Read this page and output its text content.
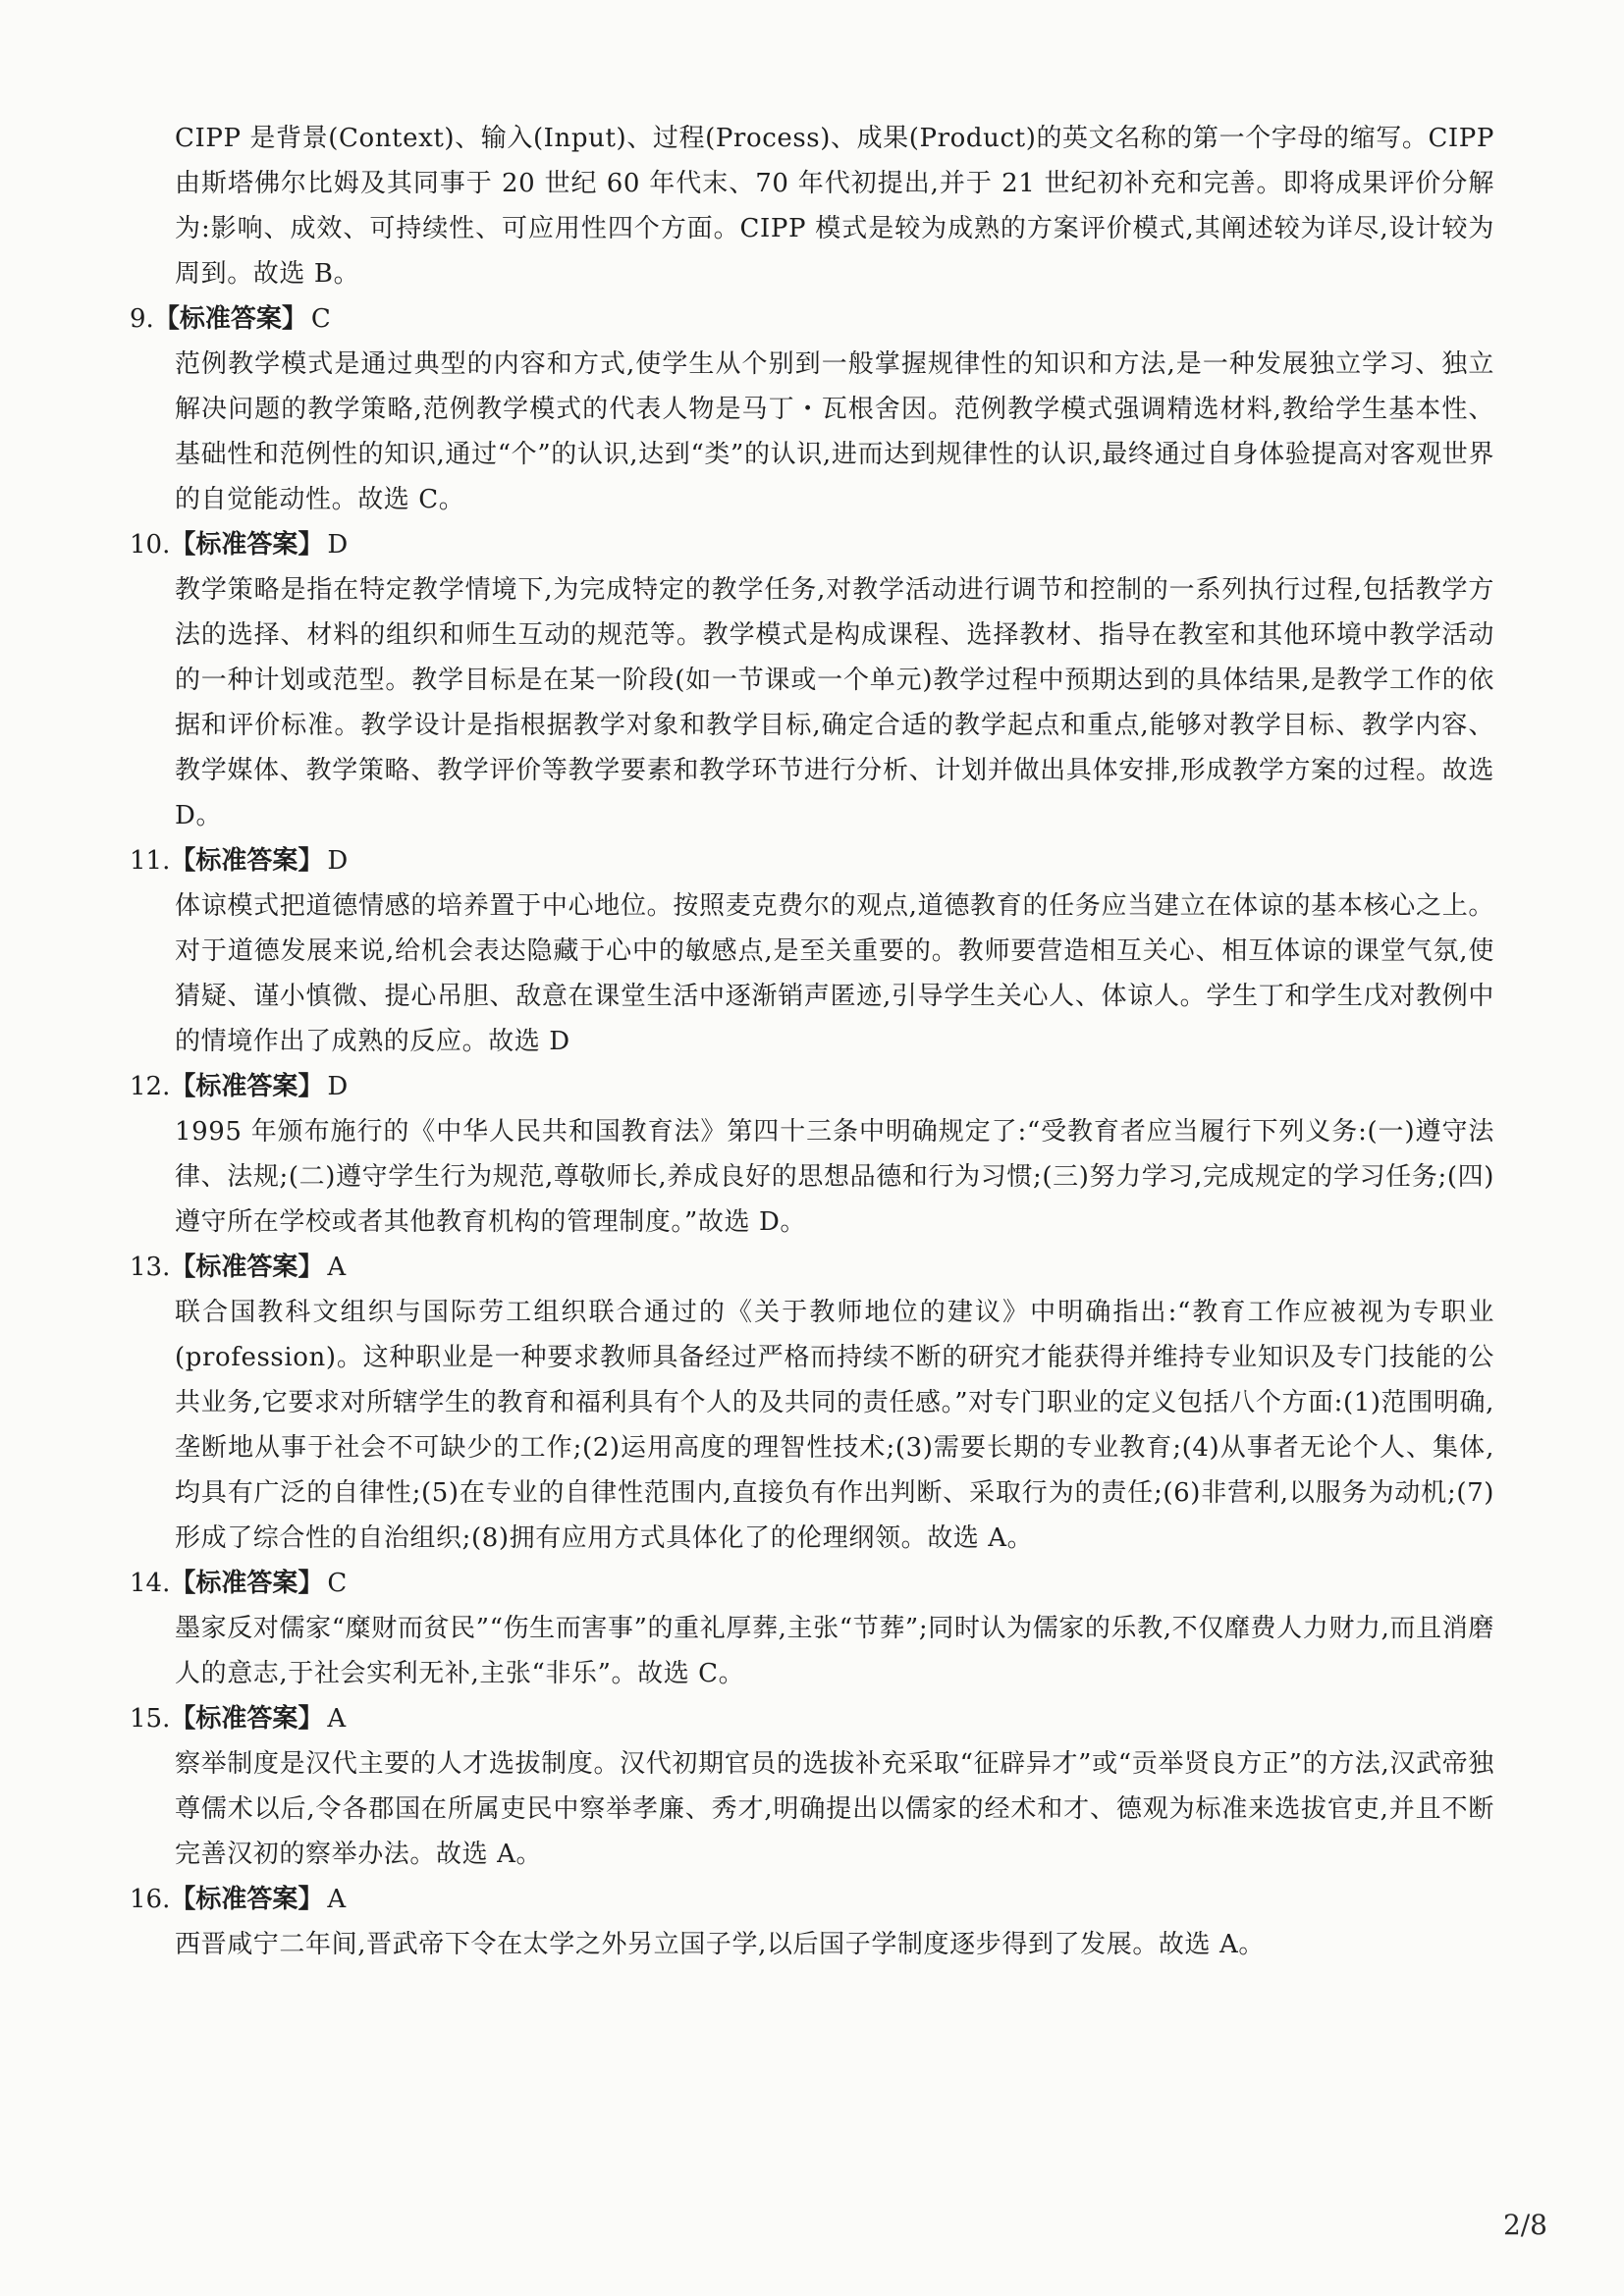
CIPP 是背景(Context)、输入(Input)、过程(Process)、成果(Product)的英文名称的第一个字母的缩写。CIPP 由斯塔佛尔比姆及其同事于 20 世纪 60 年代末、70 年代初提出,并于 21 世纪初补充和完善。即将成果评价分解为:影响、成效、可持续性、可应用性四个方面。CIPP 模式是较为成熟的方案评价模式,其阐述较为详尽,设计较为周到。故选 B。

9.【标准答案】 C

范例教学模式是通过典型的内容和方式,使学生从个别到一般掌握规律性的知识和方法,是一种发展独立学习、独立解决问题的教学策略,范例教学模式的代表人物是马丁・瓦根舍因。范例教学模式强调精选材料,教给学生基本性、基础性和范例性的知识,通过“个”的认识,达到“类”的认识,进而达到规律性的认识,最终通过自身体验提高对客观世界的自觉能动性。故选 C。

10.【标准答案】 D

教学策略是指在特定教学情境下,为完成特定的教学任务,对教学活动进行调节和控制的一系列执行过程,包括教学方法的选择、材料的组织和师生互动的规范等。教学模式是构成课程、选择教材、指导在教室和其他环境中教学活动的一种计划或范型。教学目标是在某一阶段(如一节课或一个单元)教学过程中预期达到的具体结果,是教学工作的依据和评价标准。教学设计是指根据教学对象和教学目标,确定合适的教学起点和重点,能够对教学目标、教学内容、教学媒体、教学策略、教学评价等教学要素和教学环节进行分析、计划并做出具体安排,形成教学方案的过程。故选 D。

11.【标准答案】 D

体谅模式把道德情感的培养置于中心地位。按照麦克费尔的观点,道德教育的任务应当建立在体谅的基本核心之上。对于道德发展来说,给机会表达隐藏于心中的敏感点,是至关重要的。教师要营造相互关心、相互体谅的课堂气氛,使猜疑、谨小慎微、提心吊胆、敌意在课堂生活中逐渐销声匿迹,引导学生关心人、体谅人。学生丁和学生戊对教例中的情境作出了成熟的反应。故选 D

12.【标准答案】 D

1995 年颁布施行的《中华人民共和国教育法》第四十三条中明确规定了:“受教育者应当履行下列义务:(一)遵守法律、法规;(二)遵守学生行为规范,尊敬师长,养成良好的思想品德和行为习惯;(三)努力学习,完成规定的学习任务;(四)遵守所在学校或者其他教育机构的管理制度。”故选 D。

13.【标准答案】 A

联合国教科文组织与国际劳工组织联合通过的《关于教师地位的建议》中明确指出:“教育工作应被视为专职业(profession)。这种职业是一种要求教师具备经过严格而持续不断的研究才能获得并维持专业知识及专门技能的公共业务,它要求对所辖学生的教育和福利具有个人的及共同的责任感。”对专门职业的定义包括八个方面:(1)范围明确,垄断地从事于社会不可缺少的工作;(2)运用高度的理智性技术;(3)需要长期的专业教育;(4)从事者无论个人、集体,均具有广泛的自律性;(5)在专业的自律性范围内,直接负有作出判断、采取行为的责任;(6)非营利,以服务为动机;(7)形成了综合性的自治组织;(8)拥有应用方式具体化了的伦理纲领。故选 A。

14.【标准答案】 C

墨家反对儒家“糜财而贫民”“伤生而害事”的重礼厚葬,主张“节葬”;同时认为儒家的乐教,不仅靡费人力财力,而且消磨人的意志,于社会实利无补,主张“非乐”。故选 C。

15.【标准答案】 A

察举制度是汉代主要的人才选拔制度。汉代初期官员的选拔补充采取“征辟异才”或“贡举贤良方正”的方法,汉武帝独尊儒术以后,令各郡国在所属吏民中察举孝廉、秀才,明确提出以儒家的经术和才、德观为标准来选拔官吏,并且不断完善汉初的察举办法。故选 A。

16.【标准答案】 A

西晋咸宁二年间,晋武帝下令在太学之外另立国子学,以后国子学制度逐步得到了发展。故选 A。

2/8
